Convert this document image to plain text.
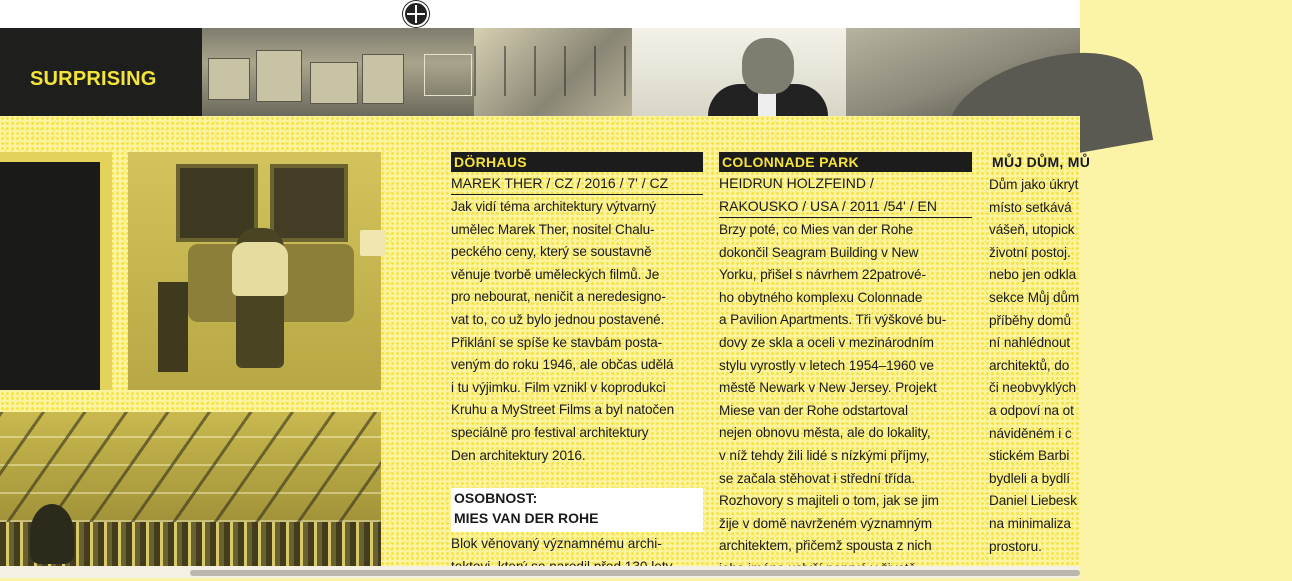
SURPRISING
DÖRHAUS
MAREK THER / CZ / 2016 / 7' / CZ
Jak vidí téma architektury výtvarný
umělec Marek Ther, nositel Chalu-
peckého ceny, který se soustavně
věnuje tvorbě uměleckých filmů. Je
pro nebourat, neničit a neredesigno-
vat to, co už bylo jednou postavené.
Přiklání se spíše ke stavbám posta-
veným do roku 1946, ale občas udělá
i tu výjimku. Film vznikl v koprodukci
Kruhu a MyStreet Films a byl natočen
speciálně pro festival architektury
Den architektury 2016.
OSOBNOST:
MIES VAN DER ROHE
Blok věnovaný významnému archi-

COLONNADE PARK
HEIDRUN HOLZFEIND /
RAKOUSKO / USA / 2011 /54' / EN
Brzy poté, co Mies van der Rohe
dokončil Seagram Building v New
Yorku, přišel s návrhem 22patrové-
ho obytného komplexu Colonnade
a Pavilion Apartments. Tři výškové bu-
dovy ze skla a oceli v mezinárodním
stylu vyrostly v letech 1954–1960 ve
městě Newark v New Jersey. Projekt
Miese van der Rohe odstartoval
nejen obnovu města, ale do lokality,
v níž tehdy žili lidé s nízkými příjmy,
se začala stěhovat i střední třída.
Rozhovory s majiteli o tom, jak se jim
žije v domě navrženém významným
architektem, přičemž spousta z nich

MŮJ DŮM, MŮ
Dům jako úkryt
místo setkává
vášeň, utopick
životní postoj.
nebo jen odkla
sekce Můj dům
příběhy domů
ní nahlédnout
architektů, do
či neobvyklých
a odpoví na ot
náviděném i c
stickém Barbi
bydleli a bydlí
Daniel Liebesk
na minimaliza
prostoru.
